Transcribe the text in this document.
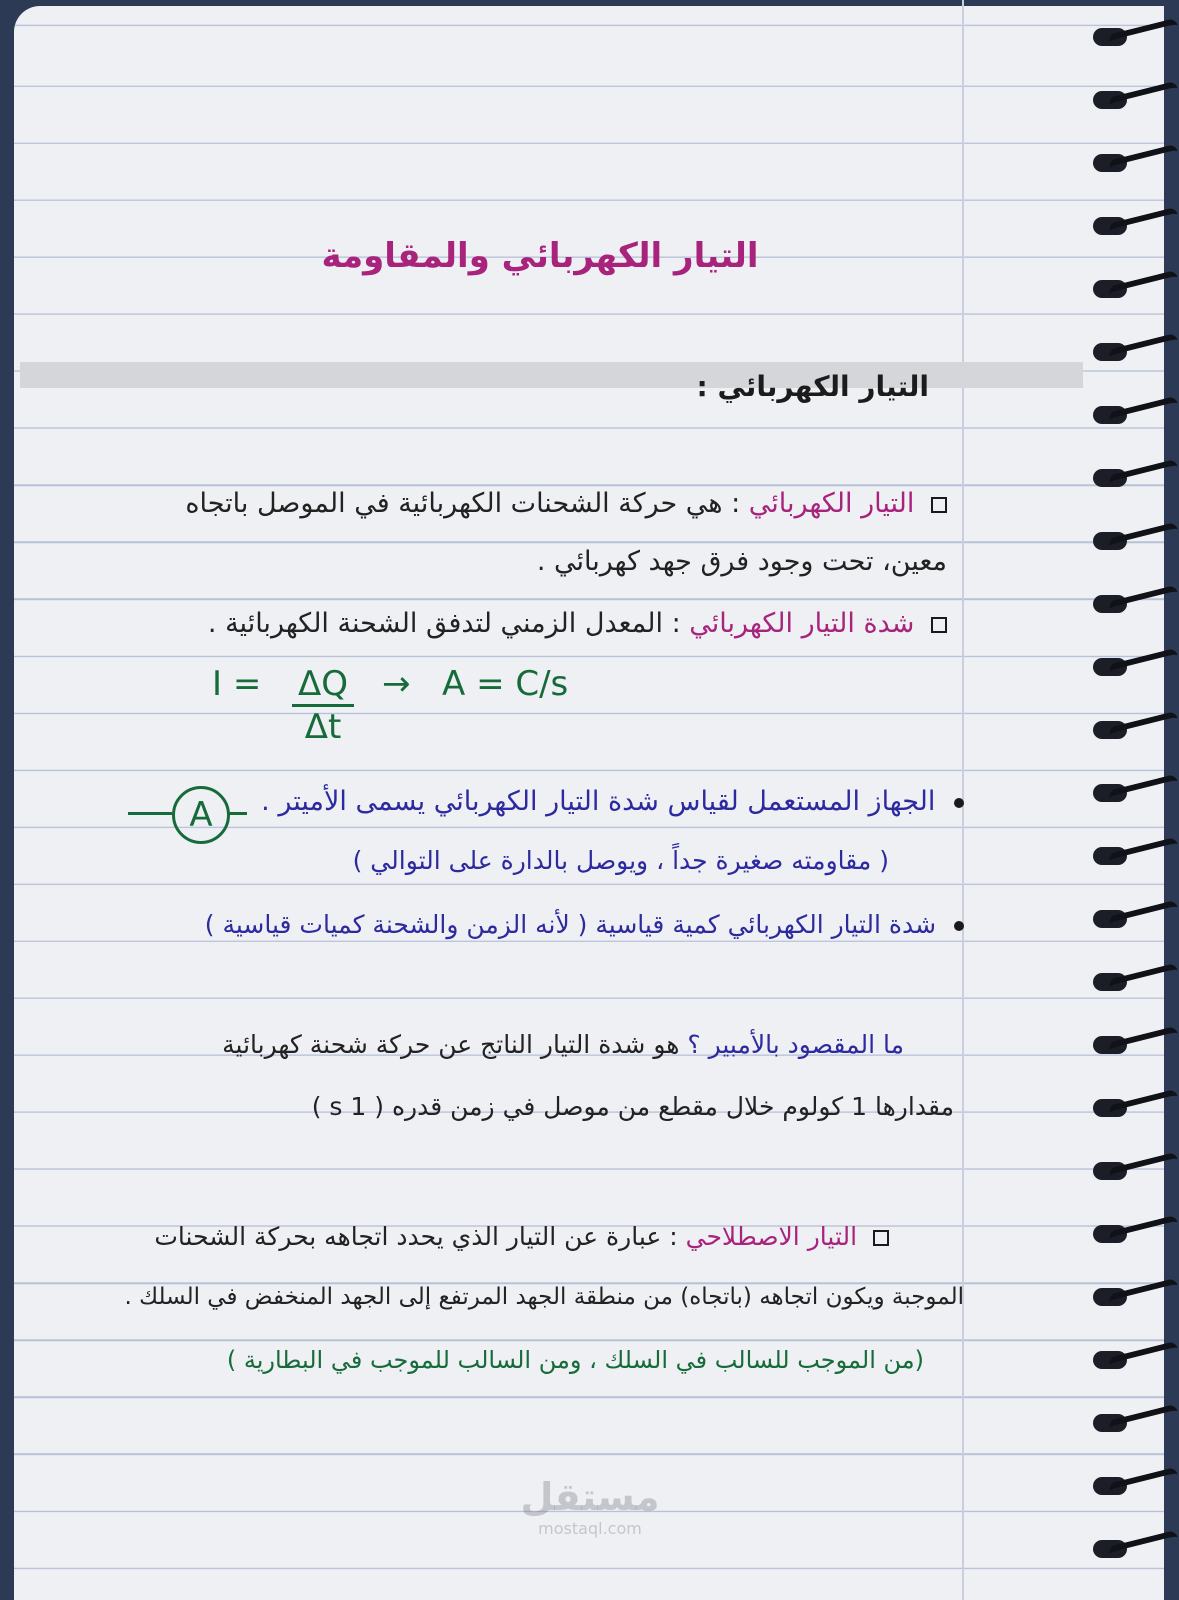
التيار الكهربائي والمقاومة
التيار الكهربائي :
التيار الكهربائي : هي حركة الشحنات الكهربائية في الموصل باتجاه
معين، تحت وجود فرق جهد كهربائي .
شدة التيار الكهربائي : المعدل الزمني لتدفق الشحنة الكهربائية .
$I = \frac{\Delta Q}{\Delta t} \to A = C/s$
الجهاز المستعمل لقياس شدة التيار الكهربائي يسمى الأميتر .
A
( مقاومته صغيرة جداً ، ويوصل بالدارة على التوالي )
شدة التيار الكهربائي كمية قياسية ( لأنه الزمن والشحنة كميات قياسية )
ما المقصود بالأمبير ؟ هو شدة التيار الناتج عن حركة شحنة كهربائية
مقدارها 1 كولوم خلال مقطع من موصل في زمن قدره ( 1 s )
التيار الاصطلاحي : عبارة عن التيار الذي يحدد اتجاهه بحركة الشحنات
الموجبة ويكون اتجاهه (باتجاه) من منطقة الجهد المرتفع إلى الجهد المنخفض في السلك .
(من الموجب للسالب في السلك ، ومن السالب للموجب في البطارية )
مستقل
mostaql.com
